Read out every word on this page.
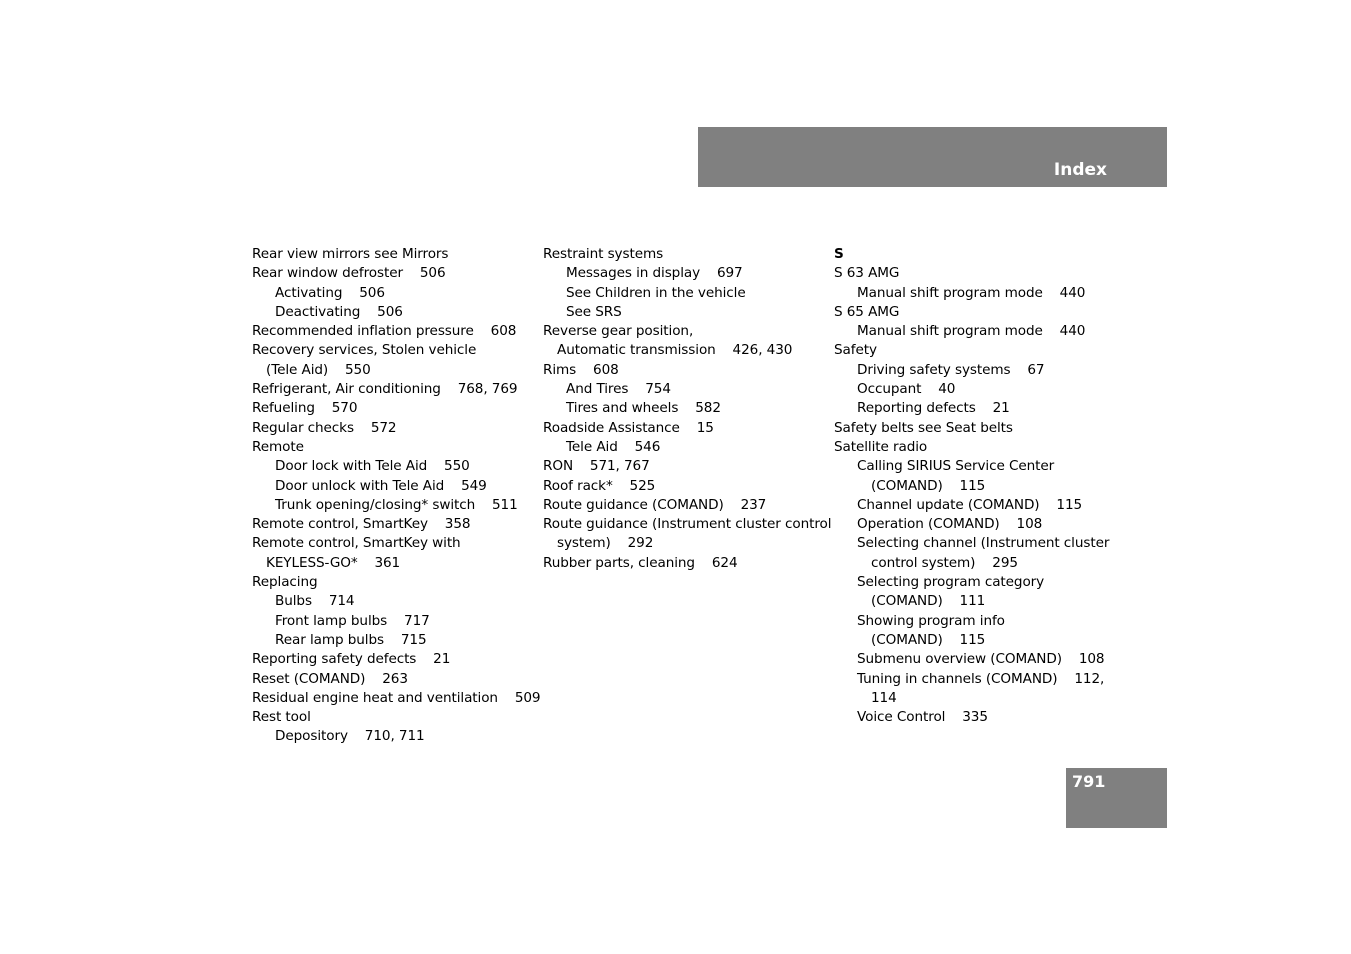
Index
Rear view mirrors see Mirrors
Rear window defroster    506
Activating    506
Deactivating    506
Recommended inflation pressure    608
Recovery services, Stolen vehicle
(Tele Aid)    550
Refrigerant, Air conditioning    768, 769
Refueling    570
Regular checks    572
Remote
Door lock with Tele Aid    550
Door unlock with Tele Aid    549
Trunk opening/closing* switch    511
Remote control, SmartKey    358
Remote control, SmartKey with
KEYLESS-GO*    361
Replacing
Bulbs    714
Front lamp bulbs    717
Rear lamp bulbs    715
Reporting safety defects    21
Reset (COMAND)    263
Residual engine heat and ventilation    509
Rest tool
Depository    710, 711
Restraint systems
Messages in display    697
See Children in the vehicle
See SRS
Reverse gear position,
Automatic transmission    426, 430
Rims    608
And Tires    754
Tires and wheels    582
Roadside Assistance    15
Tele Aid    546
RON    571, 767
Roof rack*    525
Route guidance (COMAND)    237
Route guidance (Instrument cluster control
system)    292
Rubber parts, cleaning    624
S
S 63 AMG
Manual shift program mode    440
S 65 AMG
Manual shift program mode    440
Safety
Driving safety systems    67
Occupant    40
Reporting defects    21
Safety belts see Seat belts
Satellite radio
Calling SIRIUS Service Center
(COMAND)    115
Channel update (COMAND)    115
Operation (COMAND)    108
Selecting channel (Instrument cluster
control system)    295
Selecting program category
(COMAND)    111
Showing program info
(COMAND)    115
Submenu overview (COMAND)    108
Tuning in channels (COMAND)    112,
114
Voice Control    335
791
